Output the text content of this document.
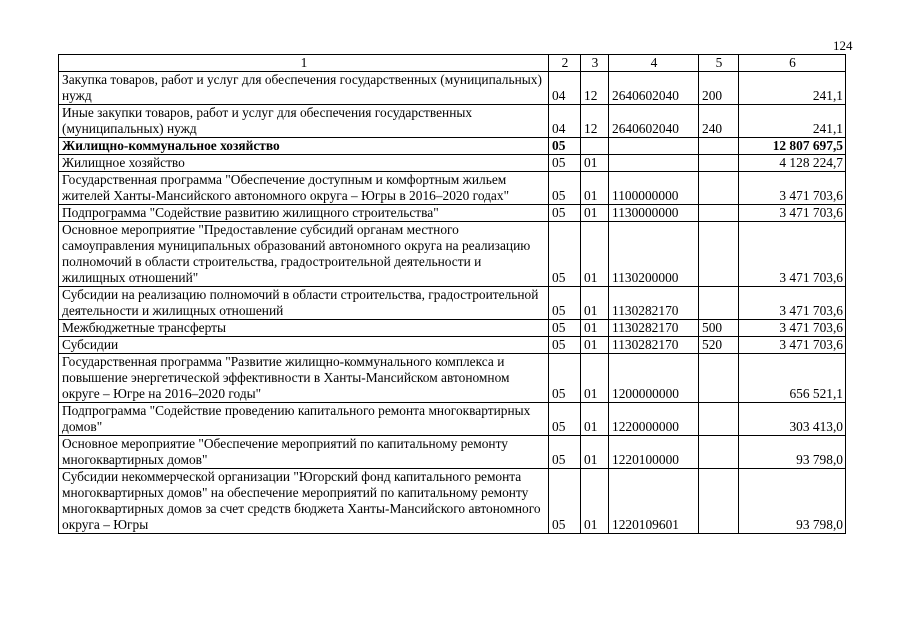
124
1	2	3	4	5	6
Закупка товаров, работ и услуг для обеспечения государственных (муниципальных) нужд	04	12	2640602040	200	241,1
Иные закупки товаров, работ и услуг для обеспечения государственных (муниципальных) нужд	04	12	2640602040	240	241,1
Жилищно-коммунальное хозяйство	05				12 807 697,5
Жилищное хозяйство	05	01			4 128 224,7
Государственная программа "Обеспечение доступным и комфортным жильем жителей Ханты-Мансийского автономного округа – Югры в 2016–2020 годах"	05	01	1100000000		3 471 703,6
Подпрограмма "Содействие развитию жилищного строительства"	05	01	1130000000		3 471 703,6
Основное мероприятие "Предоставление субсидий органам местного самоуправления муниципальных образований автономного округа на реализацию полномочий в области строительства, градостроительной деятельности и жилищных отношений"	05	01	1130200000		3 471 703,6
Субсидии на реализацию полномочий в области строительства, градостроительной деятельности и жилищных отношений	05	01	1130282170		3 471 703,6
Межбюджетные трансферты	05	01	1130282170	500	3 471 703,6
Субсидии	05	01	1130282170	520	3 471 703,6
Государственная программа "Развитие жилищно-коммунального комплекса и повышение энергетической эффективности в Ханты-Мансийском автономном округе – Югре на 2016–2020 годы"	05	01	1200000000		656 521,1
Подпрограмма "Содействие проведению капитального ремонта многоквартирных домов"	05	01	1220000000		303 413,0
Основное мероприятие "Обеспечение мероприятий по капитальному ремонту многоквартирных домов"	05	01	1220100000		93 798,0
Субсидии некоммерческой организации "Югорский фонд капитального ремонта многоквартирных домов" на обеспечение мероприятий по капитальному ремонту многоквартирных домов за счет средств бюджета Ханты-Мансийского автономного округа – Югры	05	01	1220109601		93 798,0
